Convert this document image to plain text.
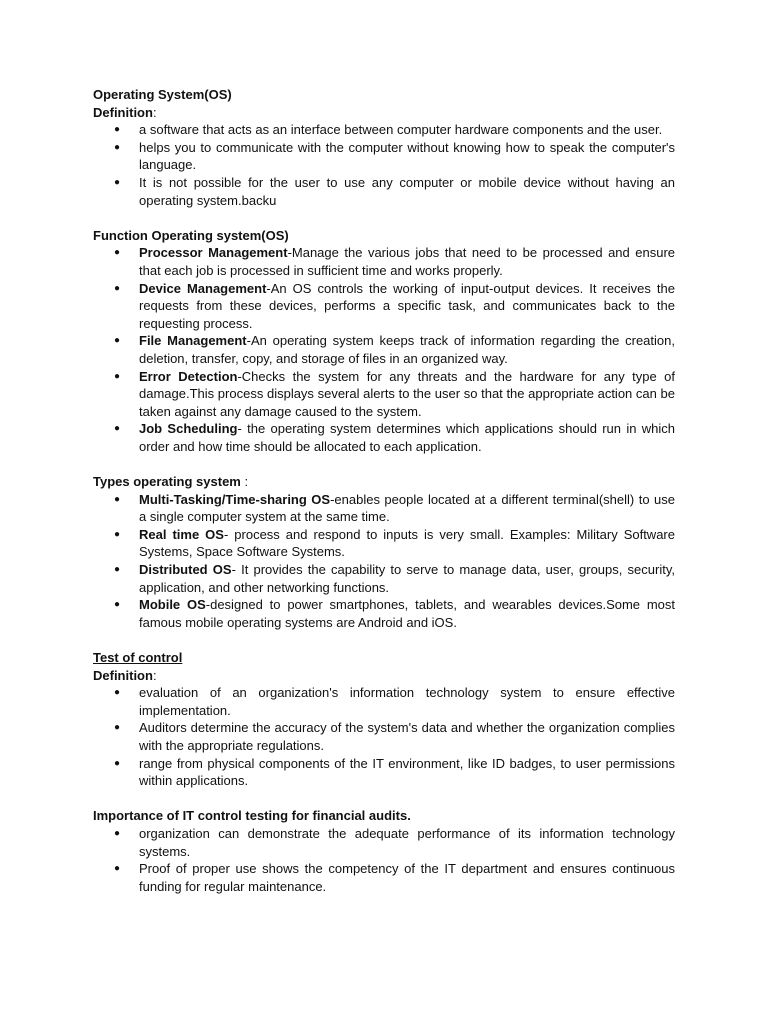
Operating System(OS)
Definition:
● a software that acts as an interface between computer hardware components and the user.
● helps you to communicate with the computer without knowing how to speak the computer's language.
● It is not possible for the user to use any computer or mobile device without having an operating system.backu
Function Operating system(OS)
● Processor Management-Manage the various jobs that need to be processed and ensure that each job is processed in sufficient time and works properly.
● Device Management-An OS controls the working of input-output devices. It receives the requests from these devices, performs a specific task, and communicates back to the requesting process.
● File Management-An operating system keeps track of information regarding the creation, deletion, transfer, copy, and storage of files in an organized way.
● Error Detection-Checks the system for any threats and the hardware for any type of damage.This process displays several alerts to the user so that the appropriate action can be taken against any damage caused to the system.
● Job Scheduling- the operating system determines which applications should run in which order and how time should be allocated to each application.
Types operating system :
● Multi-Tasking/Time-sharing OS-enables people located at a different terminal(shell) to use a single computer system at the same time.
● Real time OS- process and respond to inputs is very small. Examples: Military Software Systems, Space Software Systems.
● Distributed OS- It provides the capability to serve to manage data, user, groups, security, application, and other networking functions.
● Mobile OS-designed to power smartphones, tablets, and wearables devices.Some most famous mobile operating systems are Android and iOS.
Test of control
Definition:
● evaluation of an organization's information technology system to ensure effective implementation.
● Auditors determine the accuracy of the system's data and whether the organization complies with the appropriate regulations.
● range from physical components of the IT environment, like ID badges, to user permissions within applications.
Importance of IT control testing for financial audits.
● organization can demonstrate the adequate performance of its information technology systems.
● Proof of proper use shows the competency of the IT department and ensures continuous funding for regular maintenance.
